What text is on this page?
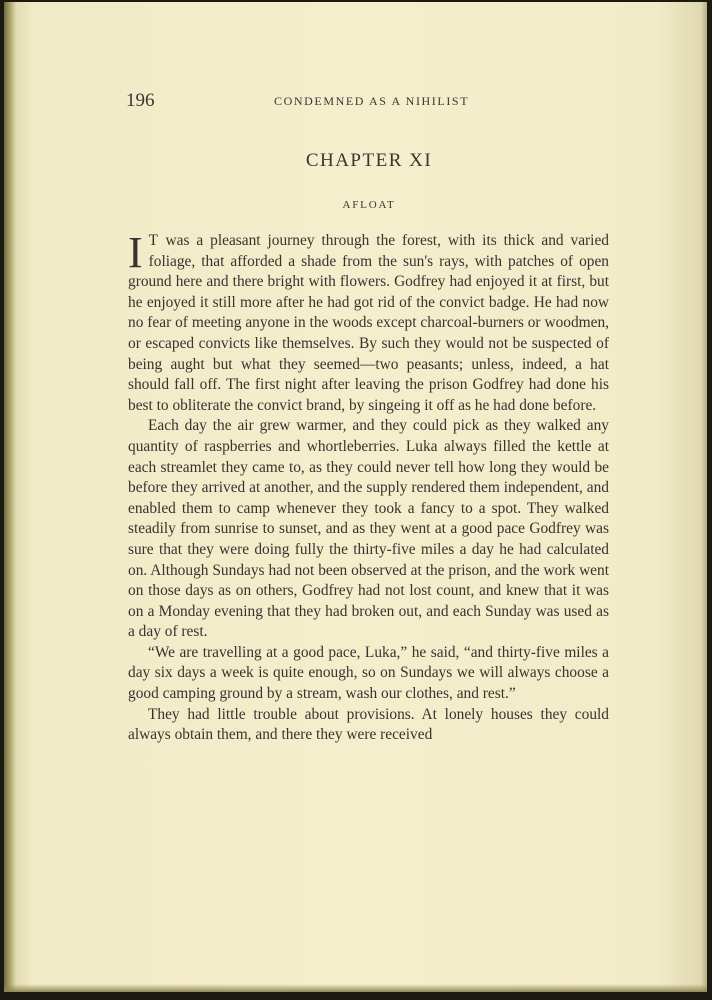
196	CONDEMNED AS A NIHILIST
CHAPTER XI
AFLOAT

I T was a pleasant journey through the forest, with its thick and varied foliage, that afforded a shade from the sun's rays, with patches of open ground here and there bright with flowers. Godfrey had enjoyed it at first, but he enjoyed it still more after he had got rid of the convict badge. He had now no fear of meeting anyone in the woods except charcoal-burners or woodmen, or escaped convicts like themselves. By such they would not be suspected of being aught but what they seemed—two peasants; unless, indeed, a hat should fall off. The first night after leaving the prison Godfrey had done his best to obliterate the convict brand, by singeing it off as he had done before.

Each day the air grew warmer, and they could pick as they walked any quantity of raspberries and whortleberries. Luka always filled the kettle at each streamlet they came to, as they could never tell how long they would be before they arrived at another, and the supply rendered them independent, and enabled them to camp whenever they took a fancy to a spot. They walked steadily from sunrise to sunset, and as they went at a good pace Godfrey was sure that they were doing fully the thirty-five miles a day he had calculated on. Although Sundays had not been observed at the prison, and the work went on those days as on others, Godfrey had not lost count, and knew that it was on a Monday evening that they had broken out, and each Sunday was used as a day of rest.

“We are travelling at a good pace, Luka,” he said, “and thirty-five miles a day six days a week is quite enough, so on Sundays we will always choose a good camping ground by a stream, wash our clothes, and rest.”

They had little trouble about provisions. At lonely houses they could always obtain them, and there they were received
